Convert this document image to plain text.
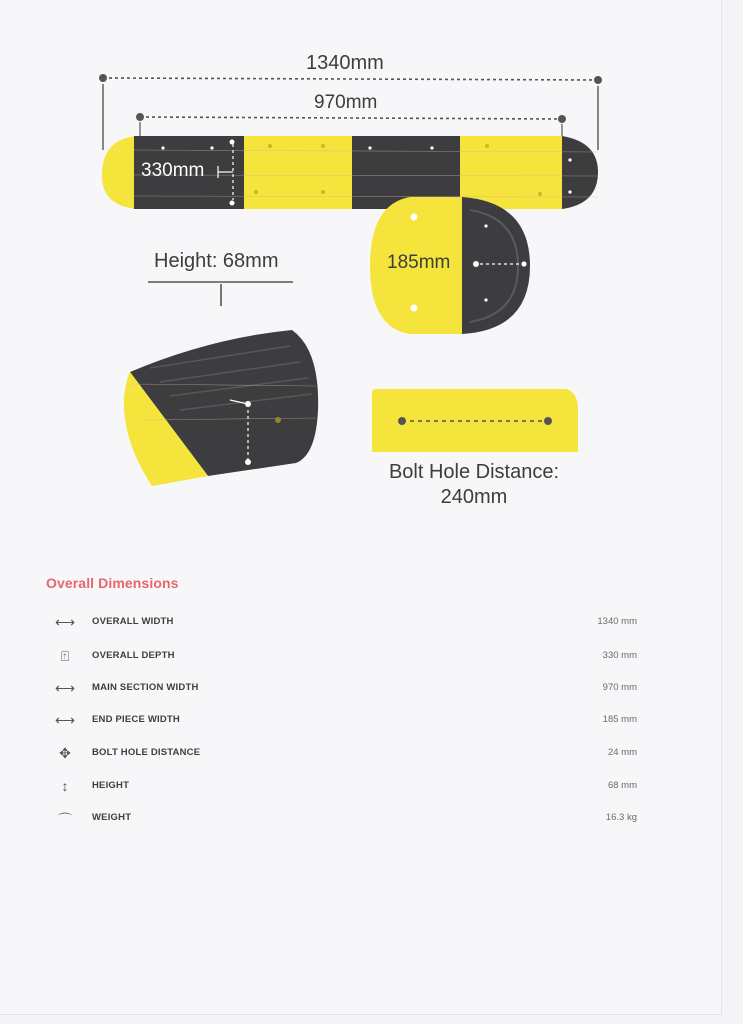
1340mm
970mm
330mm
Height: 68mm	185mm
Bolt Hole Distance:
240mm
Overall Dimensions
⟷	OVERALL WIDTH	1340 mm
⍐	OVERALL DEPTH	330 mm
⟷	MAIN SECTION WIDTH	970 mm
⟷	END PIECE WIDTH	185 mm
✥	BOLT HOLE DISTANCE	24 mm
↕	HEIGHT	68 mm
⌒	WEIGHT	16.3 kg
